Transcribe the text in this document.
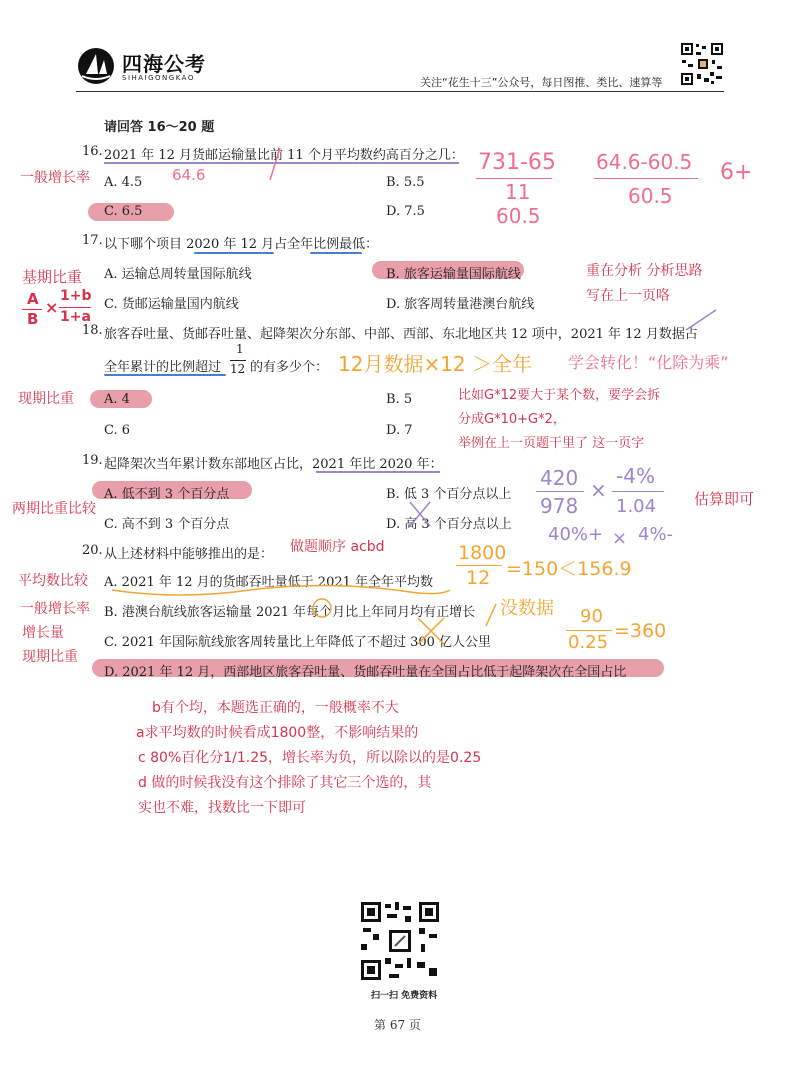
四海公考
SIHAIGONGKAO	关注“花生十三”公众号，每日图推、类比、速算等
请回答 16～20 题
16. 2021 年 12 月货邮运输量比前 11 个月平均数约高百分之几：
A. 4.5	B. 5.5
C. 6.5	D. 7.5
17. 以下哪个项目 2020 年 12 月占全年比例最低：
A. 运输总周转量国际航线	B. 旅客运输量国际航线
C. 货邮运输量国内航线	D. 旅客周转量港澳台航线
18. 旅客吞吐量、货邮吞吐量、起降架次分东部、中部、西部、东北地区共 12 项中，2021 年 12 月数据占
全年累计的比例超过
1
12 的有多少个：
A. 4	B. 5
C. 6	D. 7
19. 起降架次当年累计数东部地区占比，2021 年比 2020 年：
A. 低不到 3 个百分点	B. 低 3 个百分点以上
C. 高不到 3 个百分点	D. 高 3 个百分点以上
20. 从上述材料中能够推出的是：
A. 2021 年 12 月的货邮吞吐量低于 2021 年全年平均数
B. 港澳台航线旅客运输量 2021 年每个月比上年同月均有正增长
C. 2021 年国际航线旅客周转量比上年降低了不超过 300 亿人公里
D. 2021 年 12 月，西部地区旅客吞吐量、货邮吞吐量在全国占比低于起降架次在全国占比
一般增长率	64.6	731-65
11
60.5
64.6-60.5
60.5
6+
基期比重
A
B
×
1+b
1+a
重在分析 分析思路
写在上一页咯
现期比重
12月数据×12 ＞全年 学会转化！“化除为乘”
比如G*12要大于某个数，要学会拆
分成G*10+G*2，
举例在上一页题干里了 这一页字
两期比重比较
420
978
×
-4%
1.04	估算即可
40%+ × 4%-
做题顺序 acbd
平均数比较
一般增长率
增长量
现期比重
1800
12 =150＜156.9
没数据 90
0.25
=360
b有个均，本题选正确的，一般概率不大
a求平均数的时候看成1800整，不影响结果的
c 80%百化分1/1.25，增长率为负，所以除以的是0.25
d 做的时候我没有这个排除了其它三个选的，其
实也不难，找数比一下即可
扫一扫 免费资料
第 67 页
